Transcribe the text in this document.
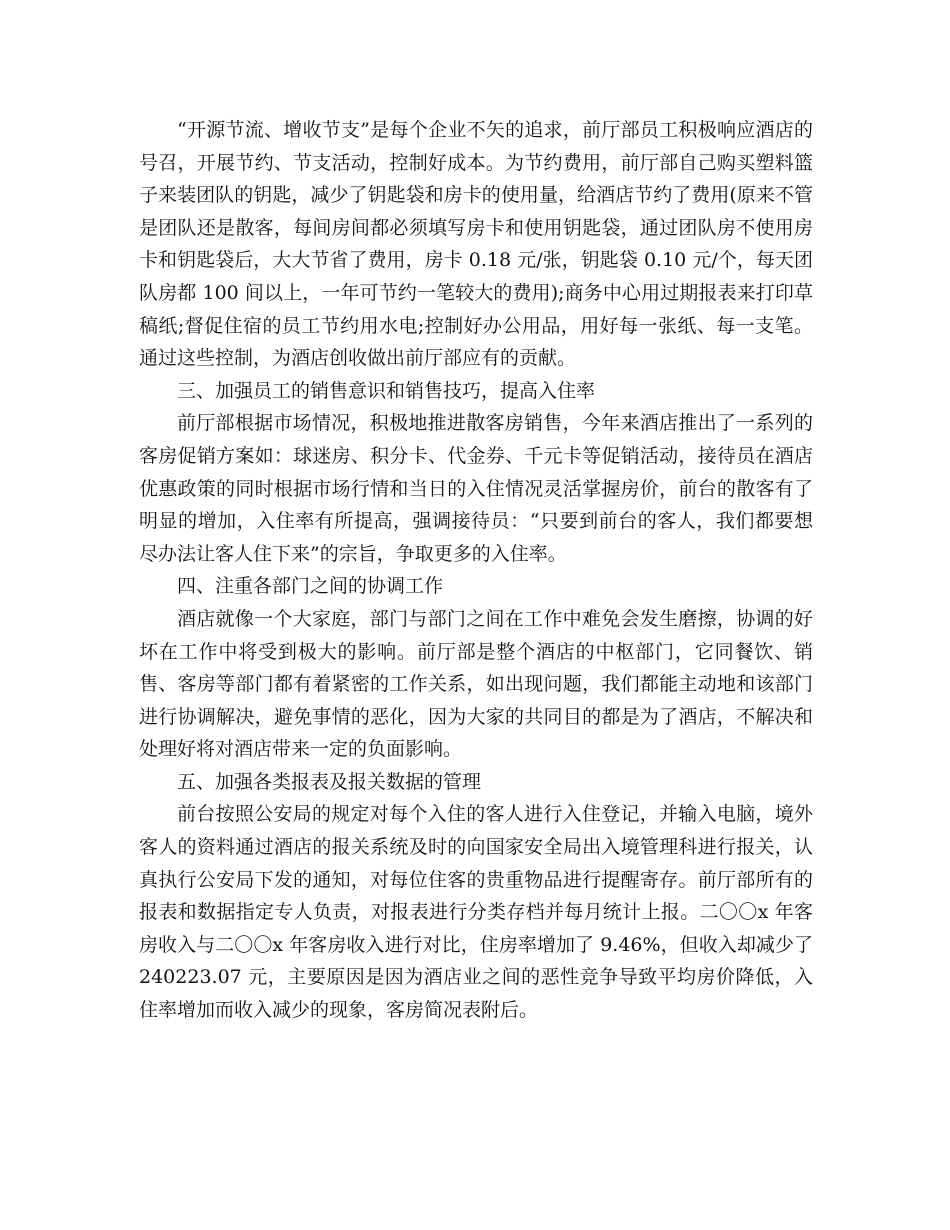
“开源节流、增收节支”是每个企业不矢的追求，前厅部员工积极响应酒店的号召，开展节约、节支活动，控制好成本。为节约费用，前厅部自己购买塑料篮子来装团队的钥匙，减少了钥匙袋和房卡的使用量，给酒店节约了费用(原来不管是团队还是散客，每间房间都必须填写房卡和使用钥匙袋，通过团队房不使用房卡和钥匙袋后，大大节省了费用，房卡 0.18 元/张，钥匙袋 0.10 元/个，每天团队房都 100 间以上，一年可节约一笔较大的费用);商务中心用过期报表来打印草稿纸;督促住宿的员工节约用水电;控制好办公用品，用好每一张纸、每一支笔。通过这些控制，为酒店创收做出前厅部应有的贡献。

三、加强员工的销售意识和销售技巧，提高入住率

前厅部根据市场情况，积极地推进散客房销售，今年来酒店推出了一系列的客房促销方案如：球迷房、积分卡、代金券、千元卡等促销活动，接待员在酒店优惠政策的同时根据市场行情和当日的入住情况灵活掌握房价，前台的散客有了明显的增加，入住率有所提高，强调接待员：“只要到前台的客人，我们都要想尽办法让客人住下来”的宗旨，争取更多的入住率。

四、注重各部门之间的协调工作

酒店就像一个大家庭，部门与部门之间在工作中难免会发生磨擦，协调的好坏在工作中将受到极大的影响。前厅部是整个酒店的中枢部门，它同餐饮、销售、客房等部门都有着紧密的工作关系，如出现问题，我们都能主动地和该部门进行协调解决，避免事情的恶化，因为大家的共同目的都是为了酒店，不解决和处理好将对酒店带来一定的负面影响。

五、加强各类报表及报关数据的管理

前台按照公安局的规定对每个入住的客人进行入住登记，并输入电脑，境外客人的资料通过酒店的报关系统及时的向国家安全局出入境管理科进行报关，认真执行公安局下发的通知，对每位住客的贵重物品进行提醒寄存。前厅部所有的报表和数据指定专人负责，对报表进行分类存档并每月统计上报。二〇〇x 年客房收入与二〇〇x 年客房收入进行对比，住房率增加了 9.46%，但收入却减少了 240223.07 元，主要原因是因为酒店业之间的恶性竞争导致平均房价降低，入住率增加而收入减少的现象，客房简况表附后。
